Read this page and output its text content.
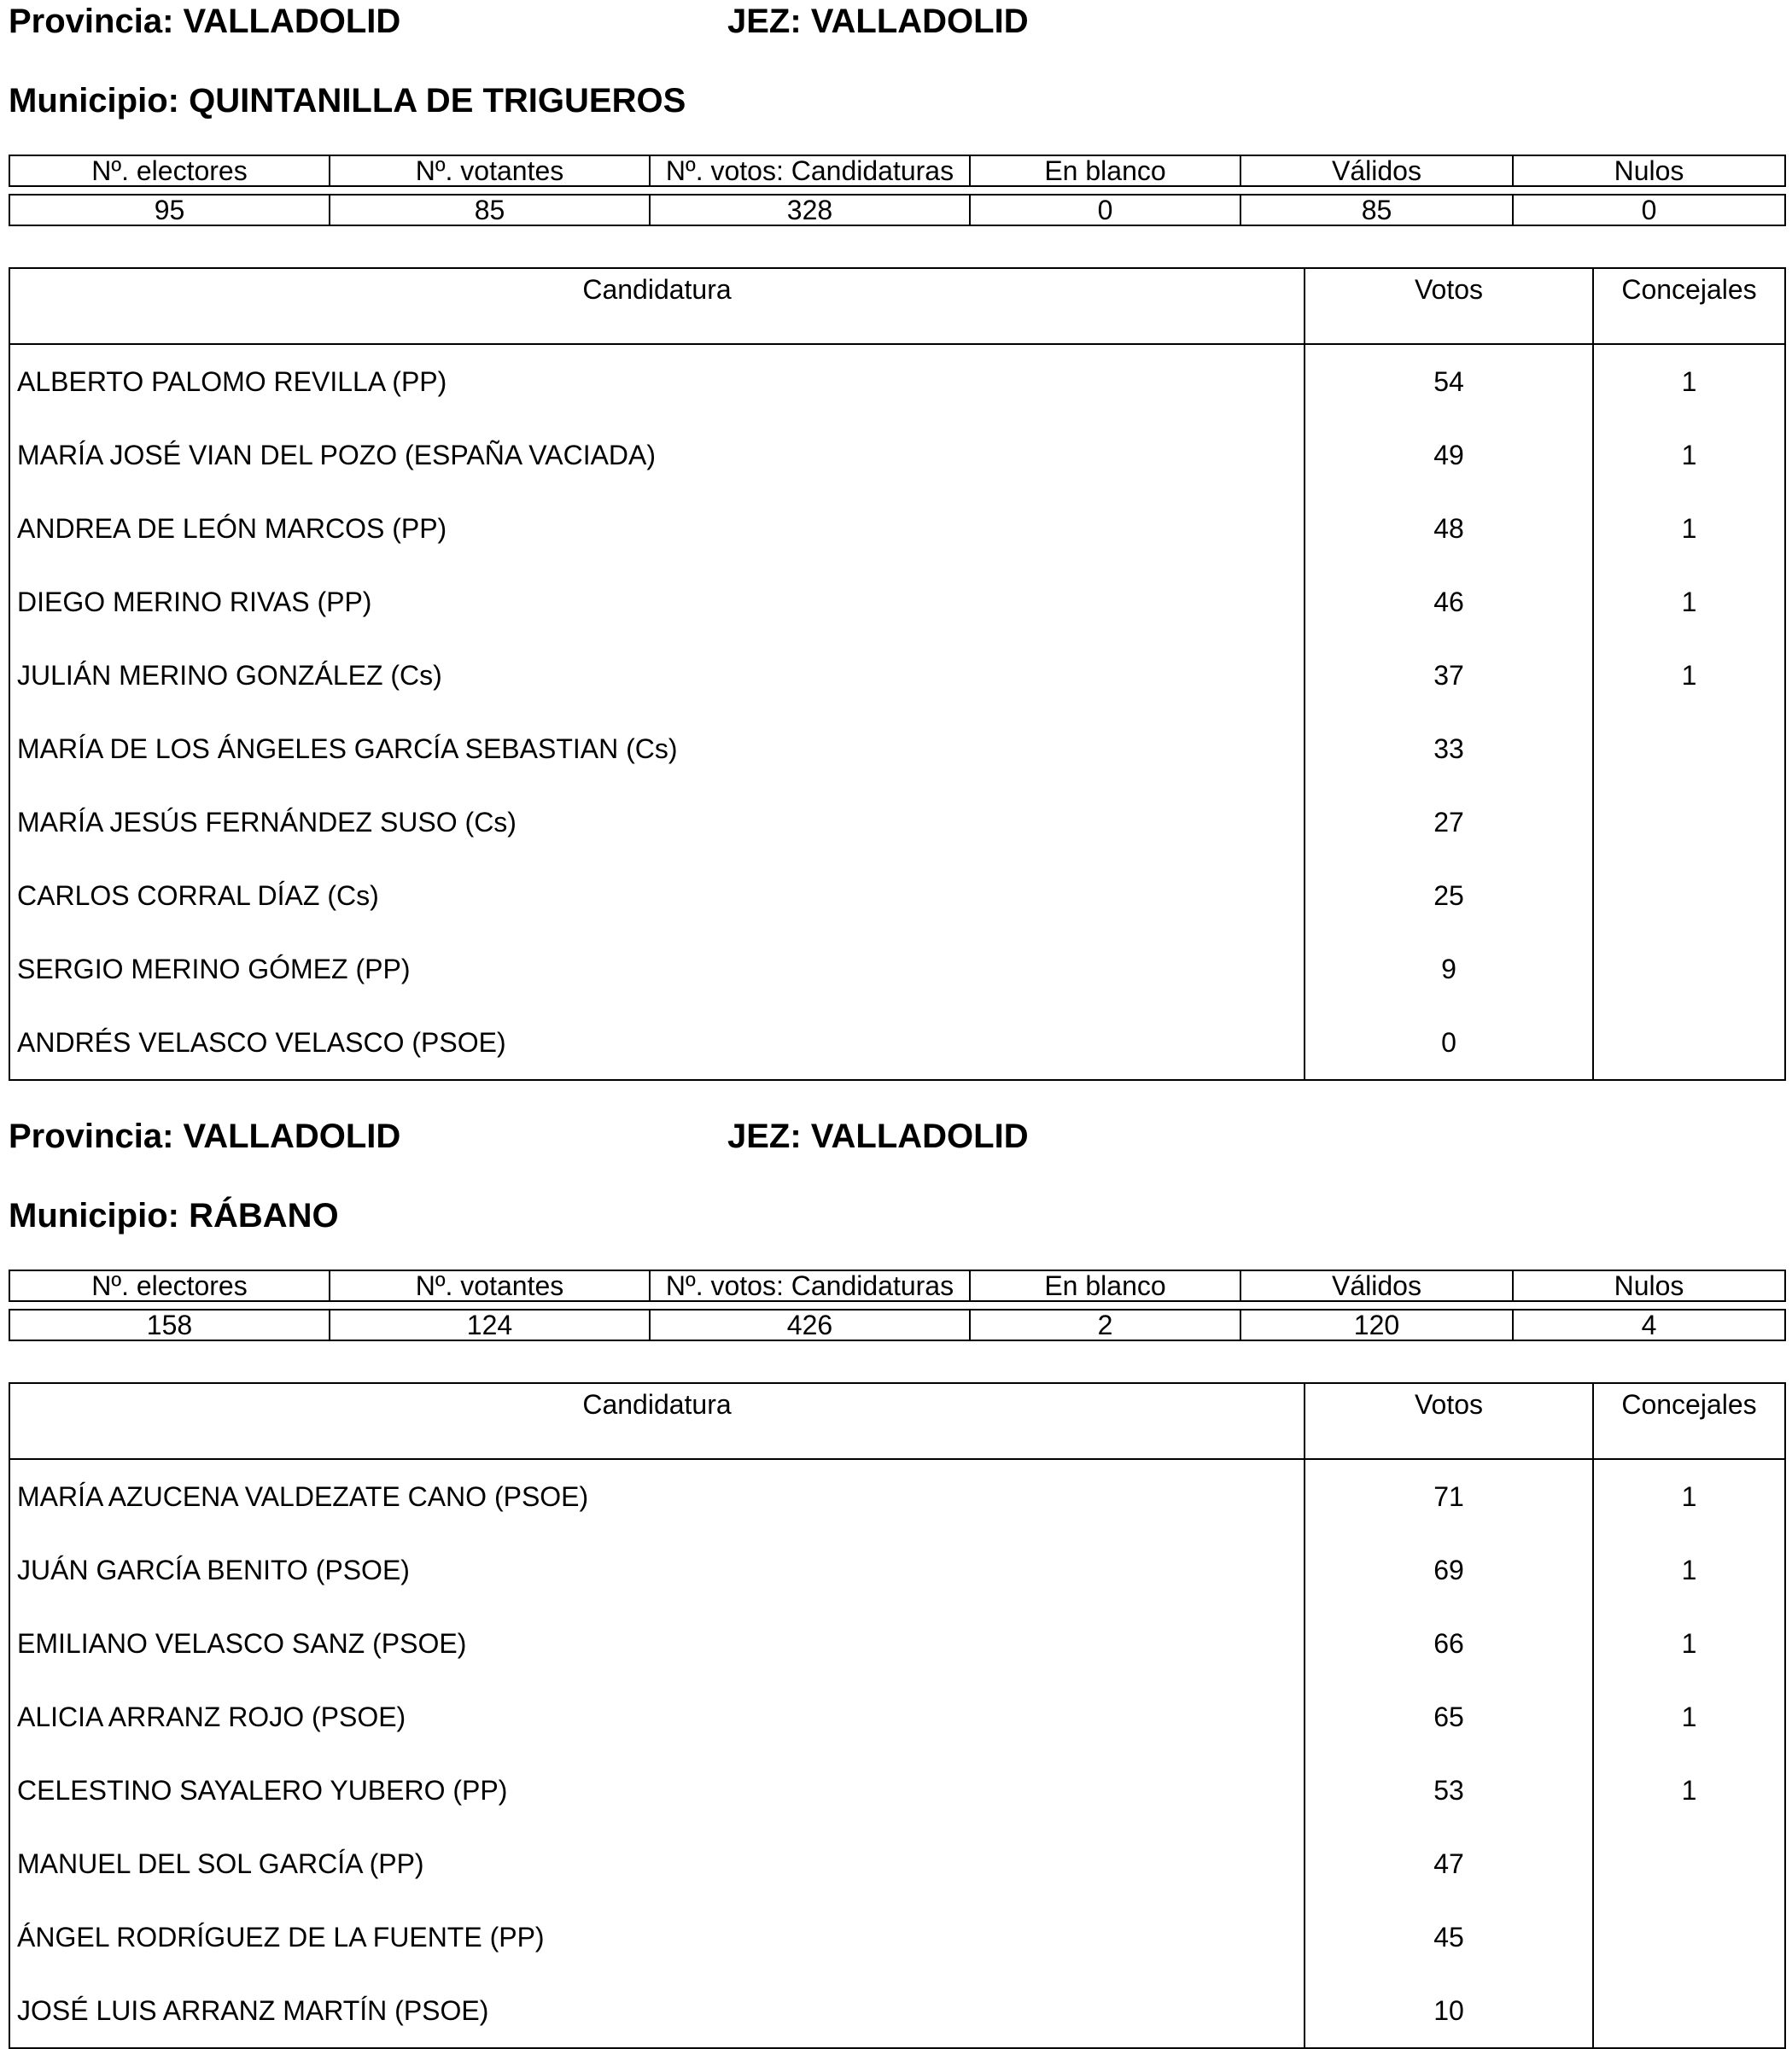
Provincia: VALLADOLID	JEZ: VALLADOLID
Municipio: QUINTANILLA DE TRIGUEROS
Nº. electores	Nº. votantes	Nº. votos: Candidaturas	En blanco	Válidos	Nulos

95	85	328	0	85	0
Candidatura	Votos	Concejales
ALBERTO PALOMO REVILLA (PP)	54	1
MARÍA JOSÉ VIAN DEL POZO (ESPAÑA VACIADA)	49	1
ANDREA DE LEÓN MARCOS (PP)	48	1
DIEGO MERINO RIVAS (PP)	46	1
JULIÁN MERINO GONZÁLEZ (Cs)	37	1
MARÍA DE LOS ÁNGELES GARCÍA SEBASTIAN (Cs)	33	
MARÍA JESÚS FERNÁNDEZ SUSO (Cs)	27	
CARLOS CORRAL DÍAZ (Cs)	25	
SERGIO MERINO GÓMEZ (PP)	9	
ANDRÉS VELASCO VELASCO (PSOE)	0	
Provincia: VALLADOLID	JEZ: VALLADOLID
Municipio: RÁBANO
Nº. electores	Nº. votantes	Nº. votos: Candidaturas	En blanco	Válidos	Nulos

158	124	426	2	120	4
Candidatura	Votos	Concejales
MARÍA AZUCENA VALDEZATE CANO (PSOE)	71	1
JUÁN GARCÍA BENITO (PSOE)	69	1
EMILIANO VELASCO SANZ (PSOE)	66	1
ALICIA ARRANZ ROJO (PSOE)	65	1
CELESTINO SAYALERO YUBERO (PP)	53	1
MANUEL DEL SOL GARCÍA (PP)	47	
ÁNGEL RODRÍGUEZ DE LA FUENTE (PP)	45	
JOSÉ LUIS ARRANZ MARTÍN (PSOE)	10	
